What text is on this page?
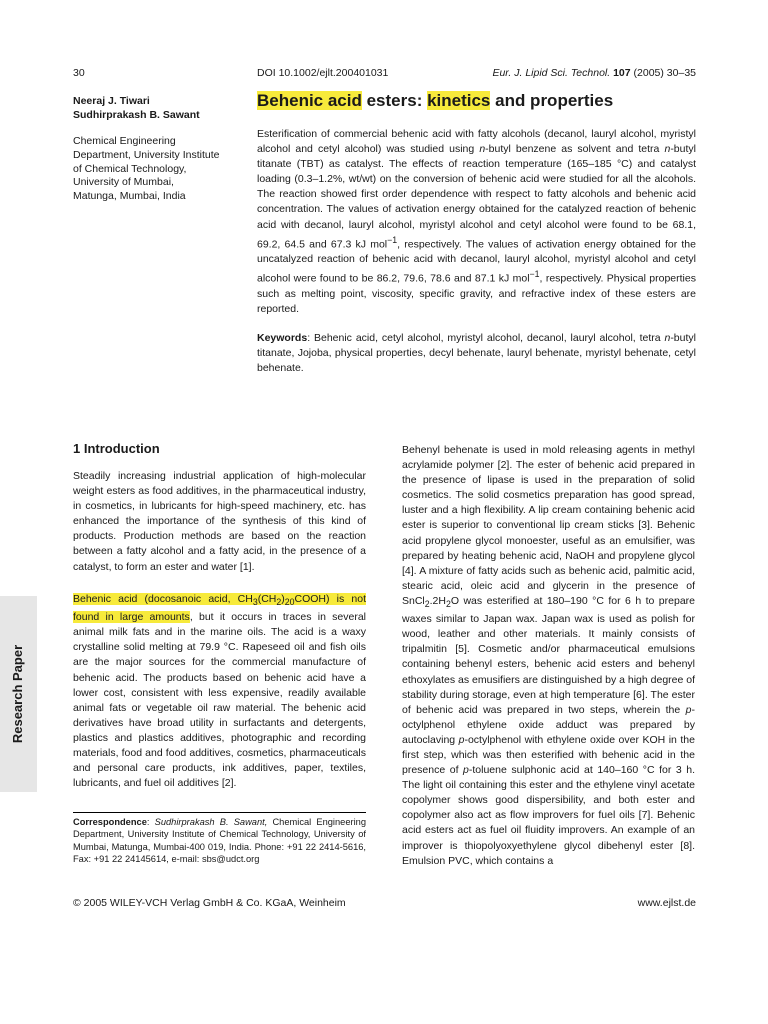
30	DOI 10.1002/ejlt.200401031	Eur. J. Lipid Sci. Technol. 107 (2005) 30–35
Neeraj J. Tiwari
Sudhirprakash B. Sawant
Chemical Engineering
Department, University Institute
of Chemical Technology,
University of Mumbai,
Matunga, Mumbai, India
Behenic acid esters: kinetics and properties

Esterification of commercial behenic acid with fatty alcohols (decanol, lauryl alcohol, myristyl alcohol and cetyl alcohol) was studied using n-butyl benzene as solvent and tetra n-butyl titanate (TBT) as catalyst. The effects of reaction temperature (165–185 °C) and catalyst loading (0.3–1.2%, wt/wt) on the conversion of behenic acid were studied for all the alcohols. The reaction showed first order dependence with respect to fatty alcohols and behenic acid concentration. The values of activation energy obtained for the catalyzed reaction of behenic acid with decanol, lauryl alcohol, myristyl alcohol and cetyl alcohol were found to be 68.1, 69.2, 64.5 and 67.3 kJ mol$^{-1}$, respectively. The values of activation energy obtained for the uncatalyzed reaction of behenic acid with decanol, lauryl alcohol, myristyl alcohol and cetyl alcohol were found to be 86.2, 79.6, 78.6 and 87.1 kJ mol$^{-1}$, respectively. Physical properties such as melting point, viscosity, specific gravity, and refractive index of these esters are reported.

Keywords: Behenic acid, cetyl alcohol, myristyl alcohol, decanol, lauryl alcohol, tetra n-butyl titanate, Jojoba, physical properties, decyl behenate, lauryl behenate, myristyl behenate, cetyl behenate.

1 Introduction

Steadily increasing industrial application of high-molecular weight esters as food additives, in the pharmaceutical industry, in cosmetics, in lubricants for high-speed machinery, etc. has enhanced the importance of the synthesis of this kind of products. Production methods are based on the reaction between a fatty alcohol and a fatty acid, in the presence of a catalyst, to form an ester and water [1].

Behenic acid (docosanoic acid, $CH_3(CH_2)_{20}COOH$) is not found in large amounts, but it occurs in traces in several animal milk fats and in the marine oils. The acid is a waxy crystalline solid melting at 79.9 °C. Rapeseed oil and fish oils are the major sources for the commercial manufacture of behenic acid. The products based on behenic acid have a lower cost, consistent with less expensive, readily available animal fats or vegetable oil raw material. The behenic acid derivatives have broad utility in surfactants and detergents, plastics and plastics additives, photographic and recording materials, food and food additives, cosmetics, pharmaceuticals and personal care products, ink additives, paper, textiles, lubricants, and fuel oil additives [2].

Behenyl behenate is used in mold releasing agents in methyl acrylamide polymer [2]. The ester of behenic acid prepared in the presence of lipase is used in the preparation of solid cosmetics. The solid cosmetics preparation has good spread, luster and a high flexibility. A lip cream containing behenic acid ester is superior to conventional lip cream sticks [3]. Behenic acid propylene glycol monoester, useful as an emulsifier, was prepared by heating behenic acid, NaOH and propylene glycol [4]. A mixture of fatty acids such as behenic acid, palmitic acid, stearic acid, oleic acid and glycerin in the presence of $SnCl_2.2H_2O$ was esterified at 180–190 °C for 6 h to prepare waxes similar to Japan wax. Japan wax is used as polish for wood, leather and other materials. It mainly consists of tripalmitin [5]. Cosmetic and/or pharmaceutical emulsions containing behenyl esters, behenic acid esters and behenyl ethoxylates as emusifiers are distinguished by a high degree of stability during storage, even at high temperature [6]. The ester of behenic acid was prepared in two steps, wherein the p-octylphenol ethylene oxide adduct was prepared by autoclaving p-octylphenol with ethylene oxide over KOH in the first step, which was then esterified with behenic acid in the presence of p-toluene sulphonic acid at 140–160 °C for 3 h. The light oil containing this ester and the ethylene vinyl acetate copolymer shows good dispersibility, and both ester and copolymer also act as flow improvers for fuel oils [7]. Behenic acid esters act as fuel oil fluidity improvers. An example of an improver is thiopolyoxyethylene glycol dibehenyl ester [8]. Emulsion PVC, which contains a

Correspondence: Sudhirprakash B. Sawant, Chemical Engineering Department, University Institute of Chemical Technology, University of Mumbai, Matunga, Mumbai-400 019, India. Phone: +91 22 2414-5616, Fax: +91 22 24145614, e-mail: sbs@udct.org

© 2005 WILEY-VCH Verlag GmbH & Co. KGaA, Weinheim	www.ejlst.de
Research Paper
